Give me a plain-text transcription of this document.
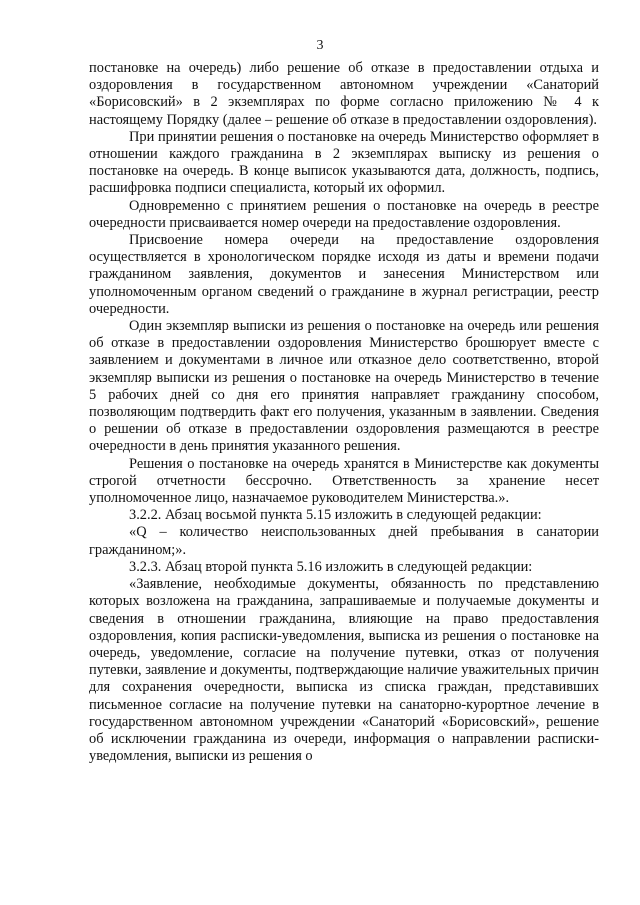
3

постановке на очередь) либо решение об отказе в предоставлении отдыха и оздоровления в государственном автономном учреждении «Санаторий «Борисовский» в 2 экземплярах по форме согласно приложению № 4 к настоящему Порядку (далее – решение об отказе в предоставлении оздоровления).

При принятии решения о постановке на очередь Министерство оформляет в отношении каждого гражданина в 2 экземплярах выписку из решения о постановке на очередь. В конце выписок указываются дата, должность, подпись, расшифровка подписи специалиста, который их оформил.

Одновременно с принятием решения о постановке на очередь в реестре очередности присваивается номер очереди на предоставление оздоровления.

Присвоение номера очереди на предоставление оздоровления осуществляется в хронологическом порядке исходя из даты и времени подачи гражданином заявления, документов и занесения Министерством или уполномоченным органом сведений о гражданине в журнал регистрации, реестр очередности.

Один экземпляр выписки из решения о постановке на очередь или решения об отказе в предоставлении оздоровления Министерство брошюрует вместе с заявлением и документами в личное или отказное дело соответственно, второй экземпляр выписки из решения о постановке на очередь Министерство в течение 5 рабочих дней со дня его принятия направляет гражданину способом, позволяющим подтвердить факт его получения, указанным в заявлении. Сведения о решении об отказе в предоставлении оздоровления размещаются в реестре очередности в день принятия указанного решения.

Решения о постановке на очередь хранятся в Министерстве как документы строгой отчетности бессрочно. Ответственность за хранение несет уполномоченное лицо, назначаемое руководителем Министерства.».

3.2.2. Абзац восьмой пункта 5.15 изложить в следующей редакции:

«Q – количество неиспользованных дней пребывания в санатории гражданином;».

3.2.3. Абзац второй пункта 5.16 изложить в следующей редакции:

«Заявление, необходимые документы, обязанность по представлению которых возложена на гражданина, запрашиваемые и получаемые документы и сведения в отношении гражданина, влияющие на право предоставления оздоровления, копия расписки-уведомления, выписка из решения о постановке на очередь, уведомление, согласие на получение путевки, отказ от получения путевки, заявление и документы, подтверждающие наличие уважительных причин для сохранения очередности, выписка из списка граждан, представивших письменное согласие на получение путевки на санаторно-курортное лечение в государственном автономном учреждении «Санаторий «Борисовский», решение об исключении гражданина из очереди, информация о направлении расписки-уведомления, выписки из решения о
